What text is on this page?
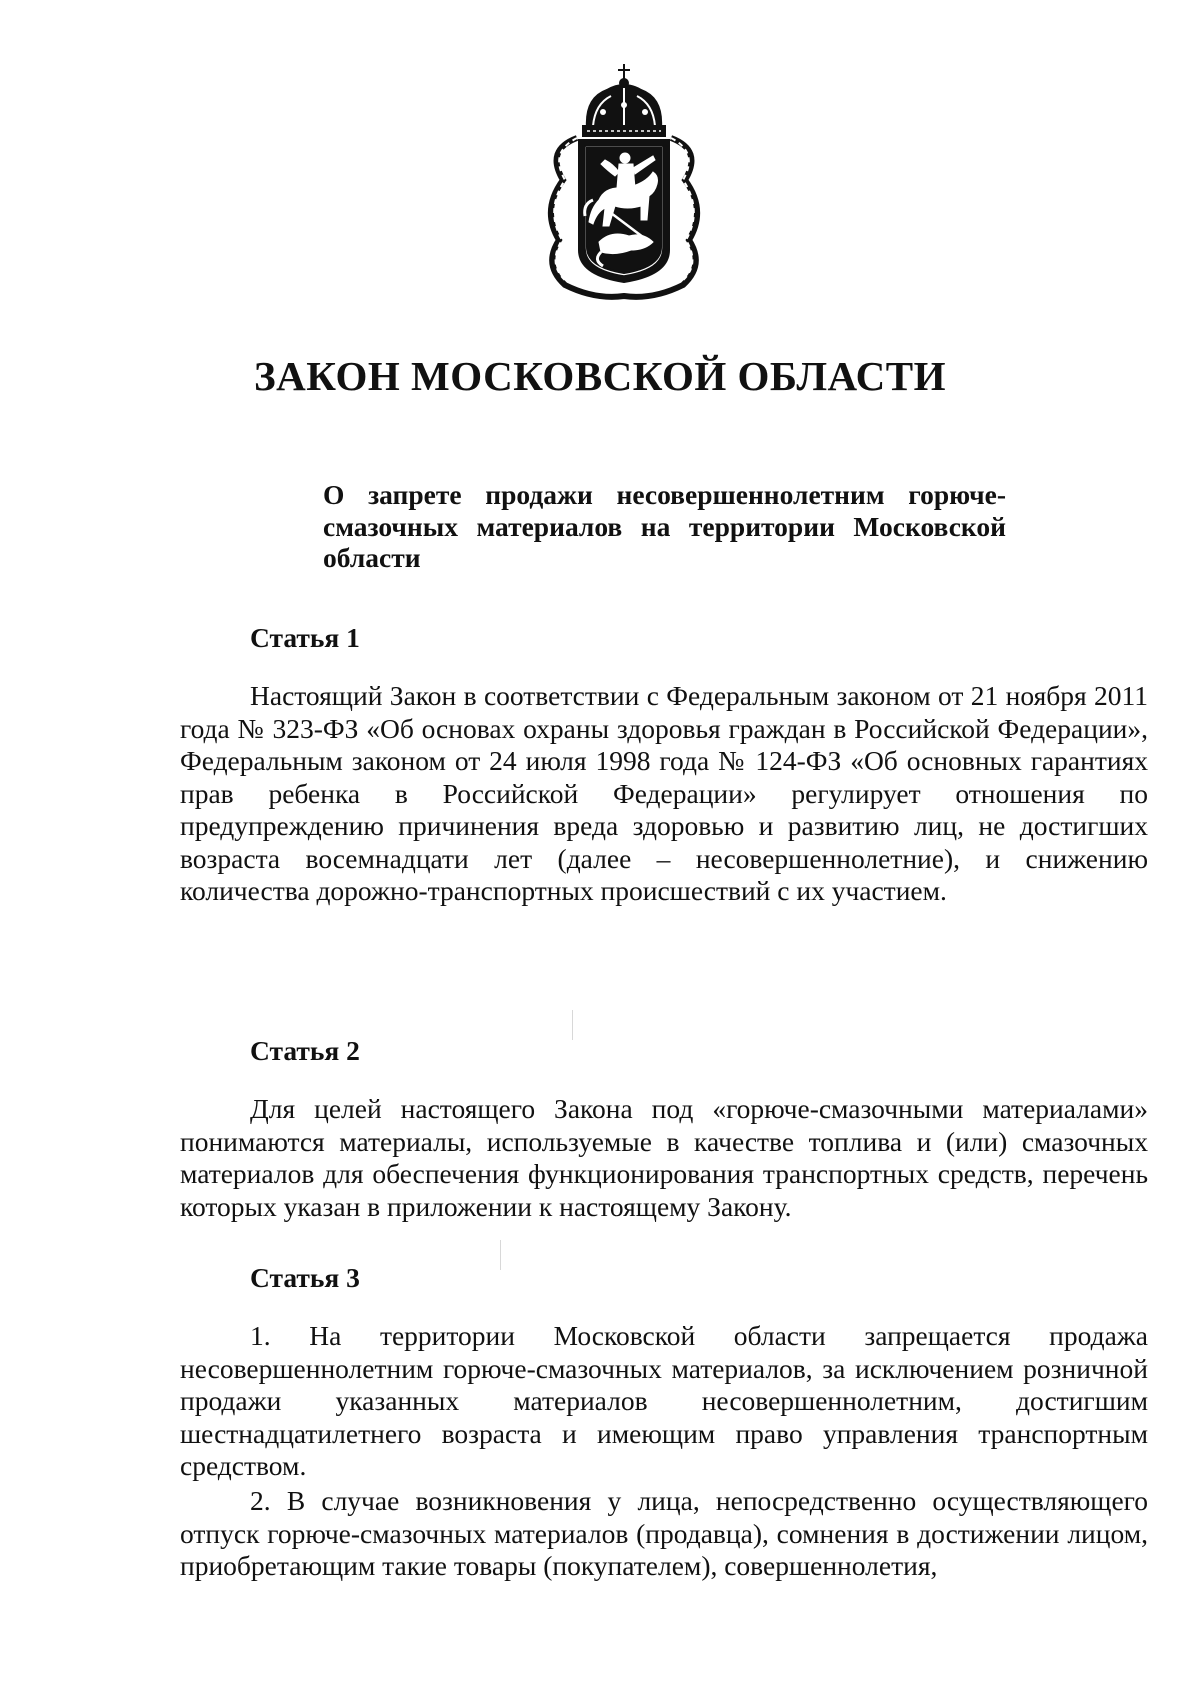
ЗАКОН МОСКОВСКОЙ ОБЛАСТИ
О запрете продажи несовершеннолетним горюче-смазочных материалов на территории Московской области
Статья 1

Настоящий Закон в соответствии с Федеральным законом от 21 ноября 2011 года № 323-ФЗ «Об основах охраны здоровья граждан в Российской Федерации», Федеральным законом от 24 июля 1998 года № 124-ФЗ «Об основных гарантиях прав ребенка в Российской Федерации» регулирует отношения по предупреждению причинения вреда здоровью и развитию лиц, не достигших возраста восемнадцати лет (далее – несовершеннолетние), и снижению количества дорожно-транспортных происшествий с их участием.

Статья 2

Для целей настоящего Закона под «горюче-смазочными материалами» понимаются материалы, используемые в качестве топлива и (или) смазочных материалов для обеспечения функционирования транспортных средств, перечень которых указан в приложении к настоящему Закону.

Статья 3

1. На территории Московской области запрещается продажа несовершеннолетним горюче-смазочных материалов, за исключением розничной продажи указанных материалов несовершеннолетним, достигшим шестнадцатилетнего возраста и имеющим право управления транспортным средством.

2. В случае возникновения у лица, непосредственно осуществляющего отпуск горюче-смазочных материалов (продавца), сомнения в достижении лицом, приобретающим такие товары (покупателем), совершеннолетия,
